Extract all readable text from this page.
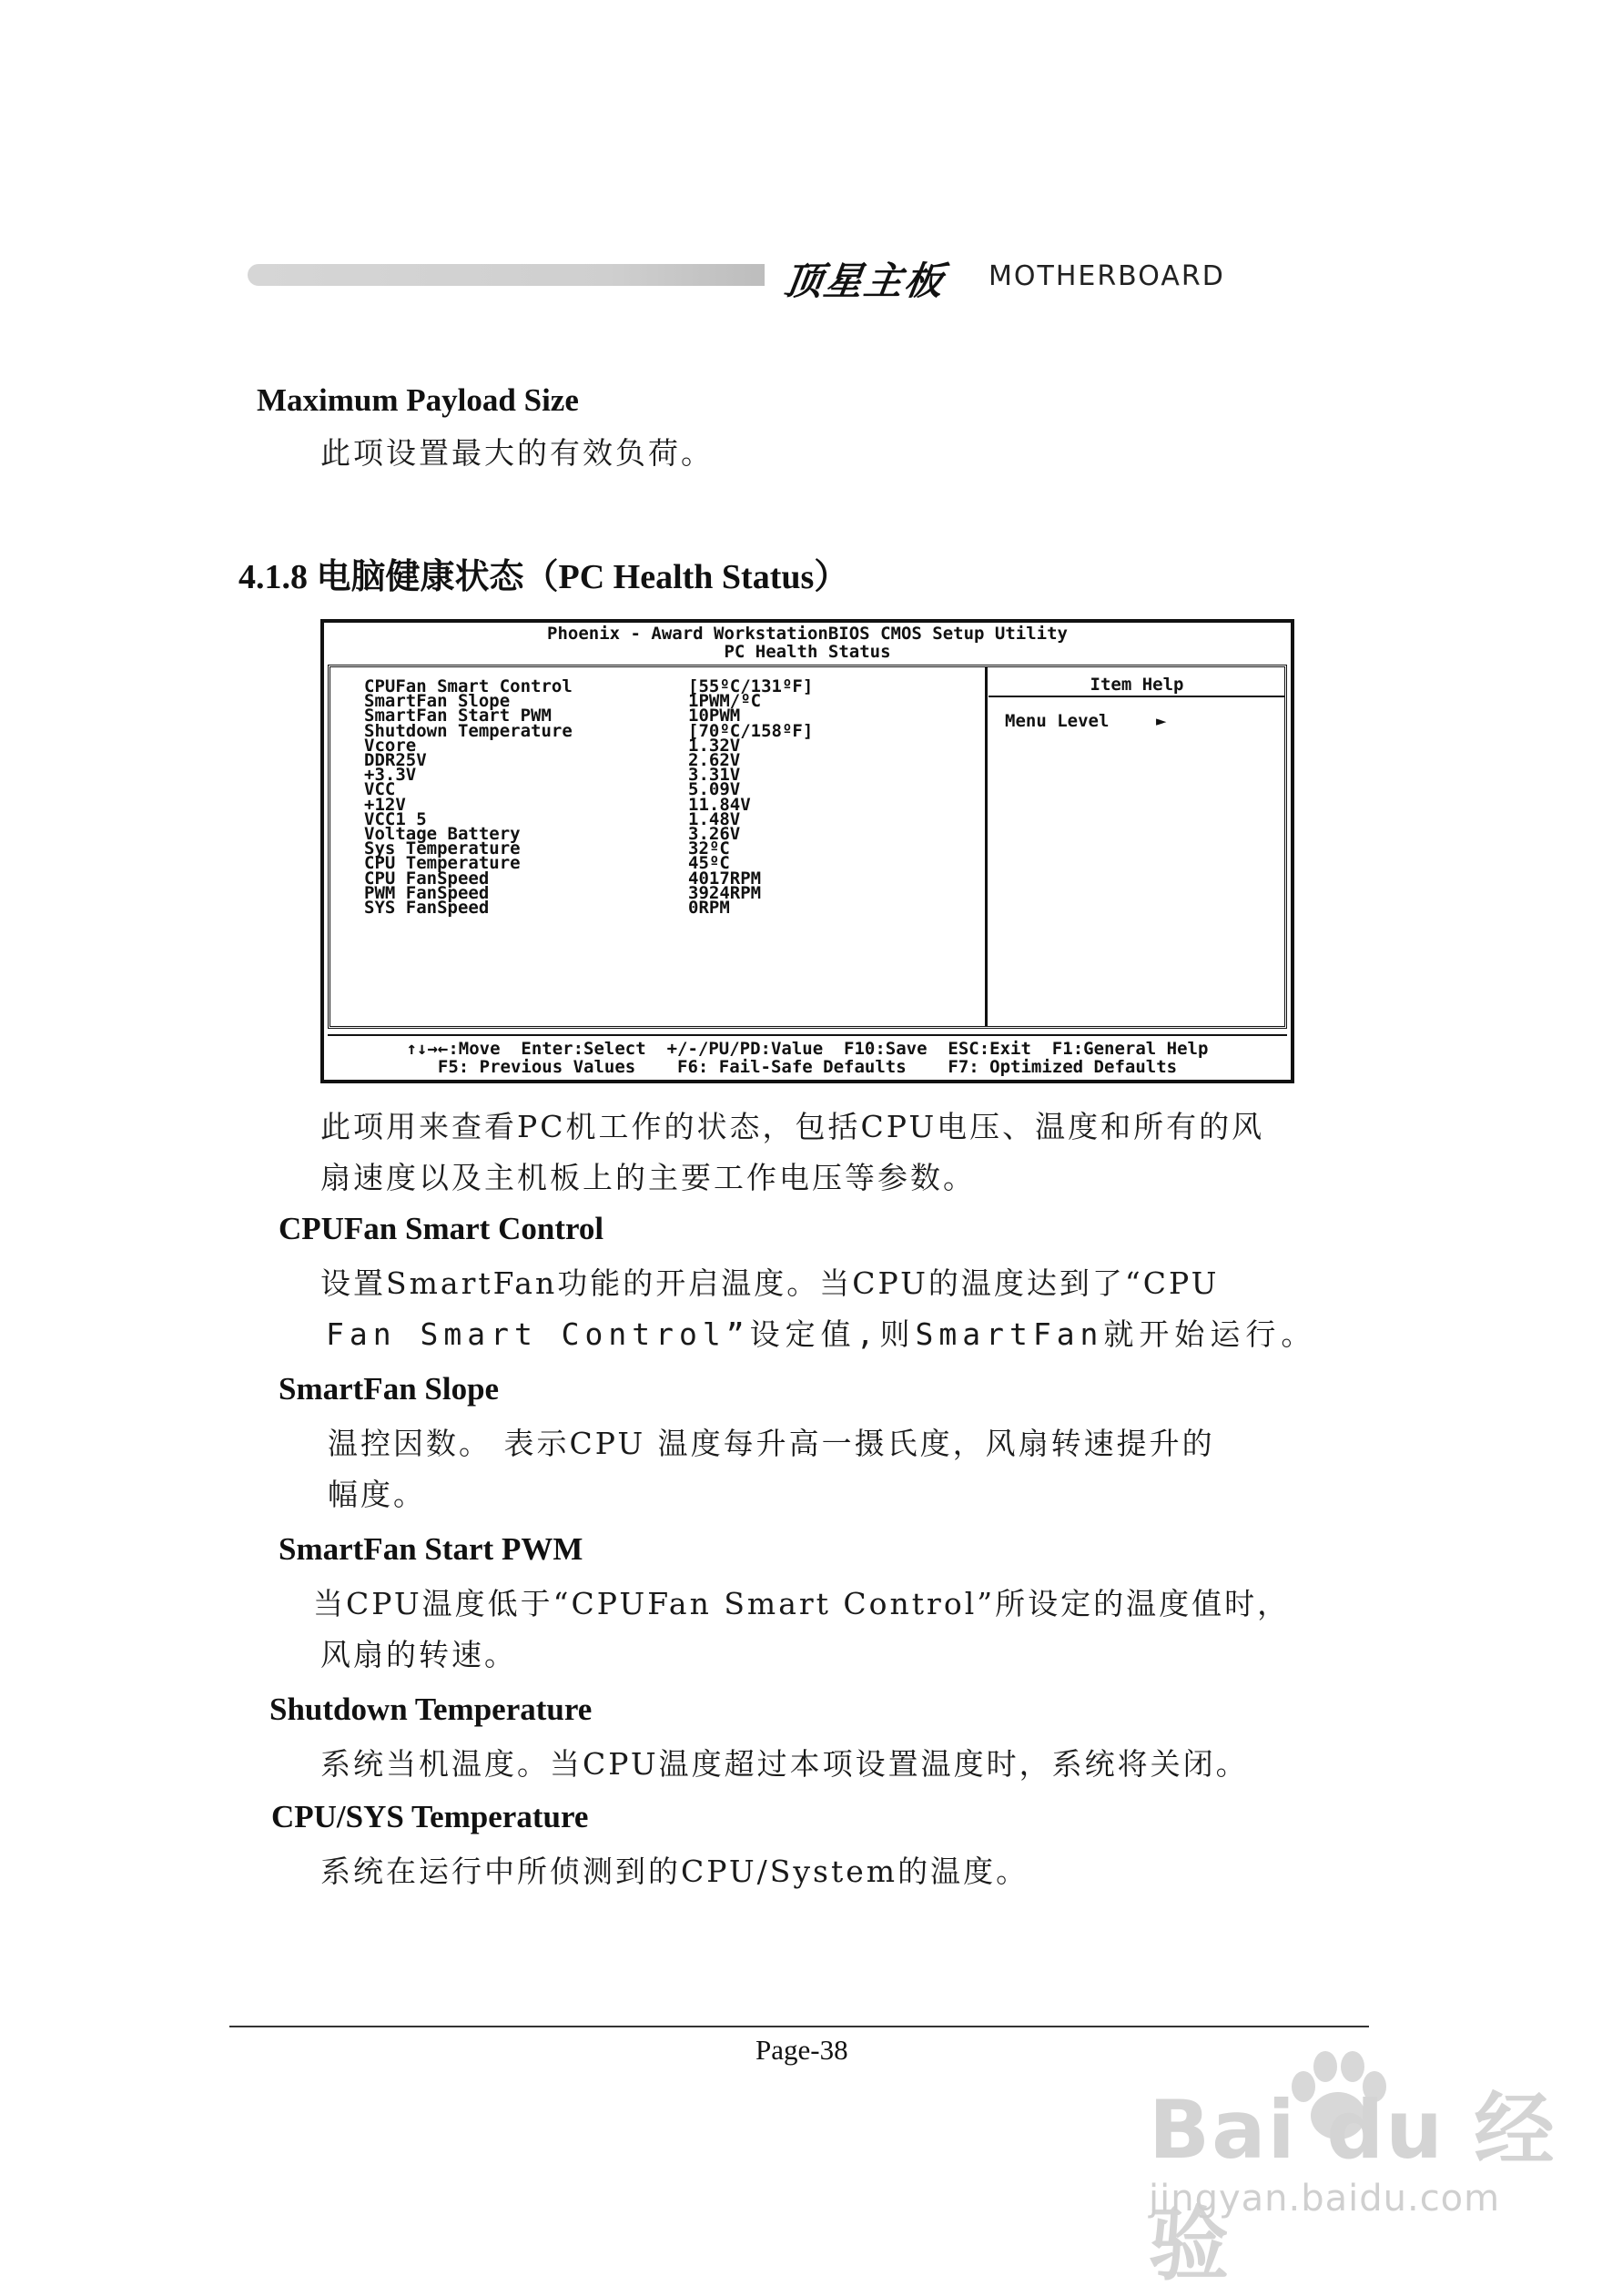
顶星主板 MOTHERBOARD
Maximum Payload Size
此项设置最大的有效负荷。
4.1.8 电脑健康状态（PC Health Status）
Phoenix - Award WorkstationBIOS CMOS Setup Utility
PC Health Status
Item Help
Menu Level	►
↑↓→←:Move  Enter:Select  +/-/PU/PD:Value  F10:Save  ESC:Exit  F1:General Help
F5: Previous Values    F6: Fail-Safe Defaults    F7: Optimized Defaults
CPUFan Smart Control	[55ºC/131ºF]
SmartFan Slope	1PWM/ºC
SmartFan Start PWM	10PWM
Shutdown Temperature	[70ºC/158ºF]
Vcore	1.32V
DDR25V	2.62V
+3.3V	3.31V
VCC	5.09V
+12V	11.84V
VCC1 5	1.48V
Voltage Battery	3.26V
Sys Temperature	32ºC
CPU Temperature	45ºC
CPU FanSpeed	4017RPM
PWM FanSpeed	3924RPM
SYS FanSpeed	0RPM
此项用来查看PC机工作的状态，包括CPU电压、温度和所有的风
扇速度以及主机板上的主要工作电压等参数。
CPUFan Smart Control
设置SmartFan功能的开启温度。当CPU的温度达到了“CPU
Fan Smart Control”设定值,则SmartFan就开始运行。
SmartFan Slope
温控因数。 表示CPU 温度每升高一摄氏度，风扇转速提升的
幅度。
SmartFan Start PWM
当CPU温度低于“CPUFan Smart Control”所设定的温度值时，
风扇的转速。
Shutdown Temperature
系统当机温度。当CPU温度超过本项设置温度时，系统将关闭。
CPU/SYS Temperature
系统在运行中所侦测到的CPU/System的温度。
Page-38
Bai du 经验
jingyan.baidu.com
